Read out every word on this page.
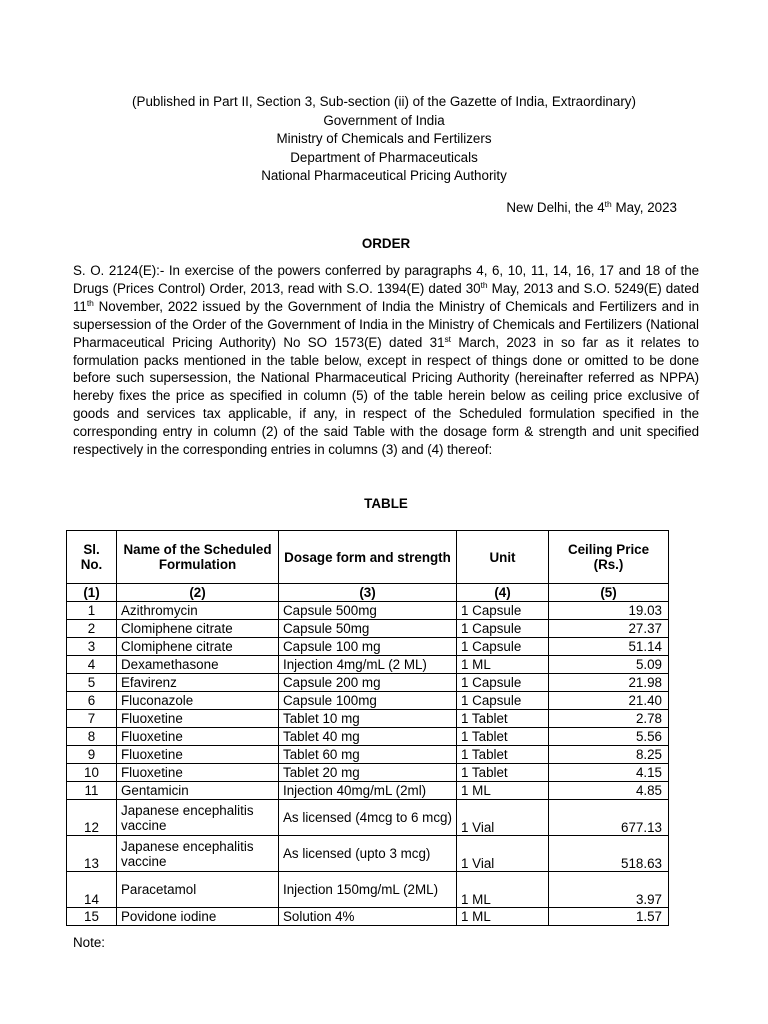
(Published in Part II, Section 3, Sub-section (ii) of the Gazette of India, Extraordinary)
Government of India
Ministry of Chemicals and Fertilizers
Department of Pharmaceuticals
National Pharmaceutical Pricing Authority
New Delhi, the 4th May, 2023
ORDER
S. O. 2124(E):- In exercise of the powers conferred by paragraphs 4, 6, 10, 11, 14, 16, 17 and 18 of the Drugs (Prices Control) Order, 2013, read with S.O. 1394(E) dated 30th May, 2013 and S.O. 5249(E) dated 11th November, 2022 issued by the Government of India the Ministry of Chemicals and Fertilizers and in supersession of the Order of the Government of India in the Ministry of Chemicals and Fertilizers (National Pharmaceutical Pricing Authority) No SO 1573(E) dated 31st March, 2023 in so far as it relates to formulation packs mentioned in the table below, except in respect of things done or omitted to be done before such supersession, the National Pharmaceutical Pricing Authority (hereinafter referred as NPPA) hereby fixes the price as specified in column (5) of the table herein below as ceiling price exclusive of goods and services tax applicable, if any, in respect of the Scheduled formulation specified in the corresponding entry in column (2) of the said Table with the dosage form & strength and unit specified respectively in the corresponding entries in columns (3) and (4) thereof:
TABLE
Sl. No.	Name of the Scheduled Formulation	Dosage form and strength	Unit	Ceiling Price (Rs.)
(1)	(2)	(3)	(4)	(5)
1	Azithromycin	Capsule 500mg	1 Capsule	19.03
2	Clomiphene citrate	Capsule 50mg	1 Capsule	27.37
3	Clomiphene citrate	Capsule 100 mg	1 Capsule	51.14
4	Dexamethasone	Injection 4mg/mL (2 ML)	1 ML	5.09
5	Efavirenz	Capsule 200 mg	1 Capsule	21.98
6	Fluconazole	Capsule 100mg	1 Capsule	21.40
7	Fluoxetine	Tablet 10 mg	1 Tablet	2.78
8	Fluoxetine	Tablet 40 mg	1 Tablet	5.56
9	Fluoxetine	Tablet 60 mg	1 Tablet	8.25
10	Fluoxetine	Tablet 20 mg	1 Tablet	4.15
11	Gentamicin	Injection 40mg/mL (2ml)	1 ML	4.85
12	Japanese encephalitis vaccine	As licensed (4mcg to 6 mcg)	1 Vial	677.13
13	Japanese encephalitis vaccine	As licensed (upto 3 mcg)	1 Vial	518.63
14	Paracetamol	Injection 150mg/mL (2ML)	1 ML	3.97
15	Povidone iodine	Solution 4%	1 ML	1.57
Note:
